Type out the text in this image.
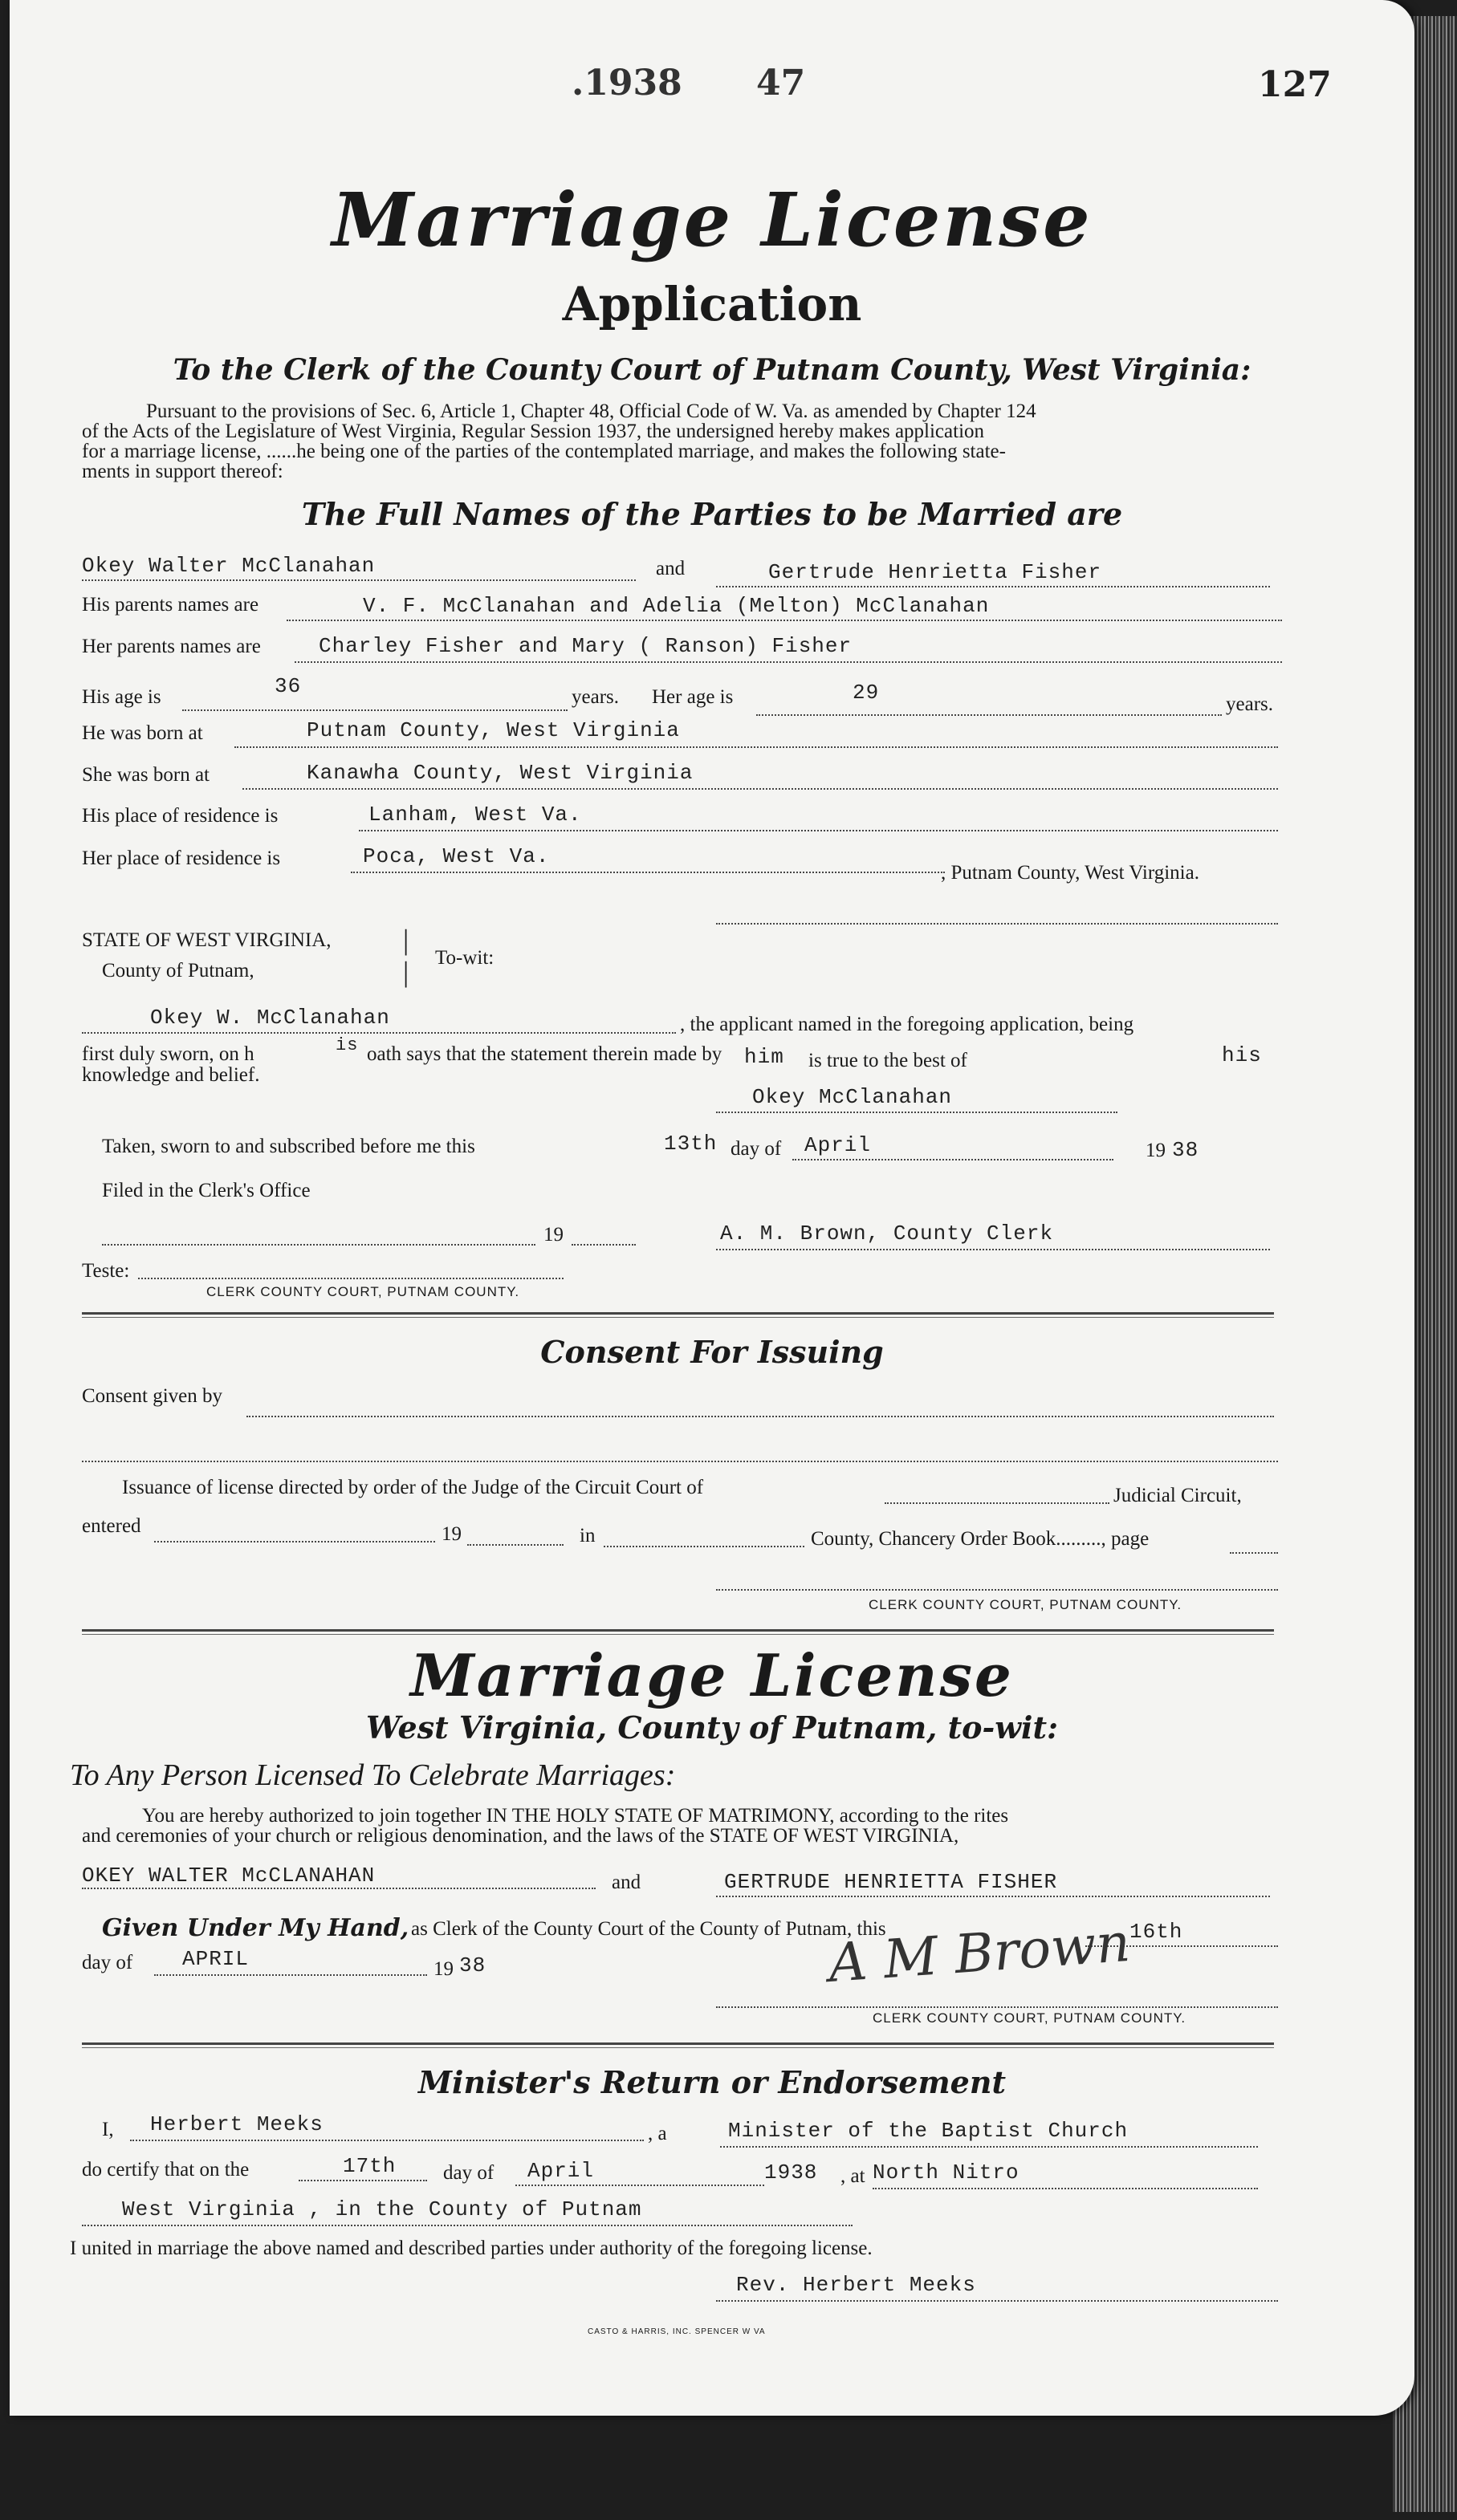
.1938 47	127
Marriage License
Application
To the Clerk of the County Court of Putnam County, West Virginia:
Pursuant to the provisions of Sec. 6, Article 1, Chapter 48, Official Code of W. Va. as amended by Chapter 124
of the Acts of the Legislature of West Virginia, Regular Session 1937, the undersigned hereby makes application
for a marriage license, ......he being one of the parties of the contemplated marriage, and makes the following state-
ments in support thereof:
The Full Names of the Parties to be Married are
Okey Walter McClanahan	and	Gertrude Henrietta Fisher
His parents names are	V. F. McClanahan and Adelia (Melton) McClanahan
Her parents names are	Charley Fisher and Mary ( Ranson) Fisher
His age is	36	years. Her age is	29	years.
He was born at	Putnam County, West Virginia
She was born at	Kanawha County, West Virginia
His place of residence is	Lanham, West Va.
Her place of residence is	Poca, West Va.
, Putnam County, West Virginia.
STATE OF WEST VIRGINIA,
County of Putnam,
|
| To-wit:
Okey W. McClanahan	, the applicant named in the foregoing application, being
first duly sworn, on h	is oath says that the statement therein made by him is true to the best of	his
knowledge and belief.
Okey McClanahan
Taken, sworn to and subscribed before me this	13th day of April	19 38
Filed in the Clerk's Office
19	A. M. Brown, County Clerk
Teste:
CLERK COUNTY COURT, PUTNAM COUNTY.
Consent For Issuing
Consent given by
Issuance of license directed by order of the Judge of the Circuit Court of	Judicial Circuit,
entered	19	in	County, Chancery Order Book........., page
CLERK COUNTY COURT, PUTNAM COUNTY.
Marriage License
West Virginia, County of Putnam, to-wit:
To Any Person Licensed To Celebrate Marriages:
You are hereby authorized to join together IN THE HOLY STATE OF MATRIMONY, according to the rites
and ceremonies of your church or religious denomination, and the laws of the STATE OF WEST VIRGINIA,
OKEY WALTER McCLANAHAN	and	GERTRUDE HENRIETTA FISHER
Given Under My Hand, as Clerk of the County Court of the County of Putnam, this	16th
day of APRIL	19 38	A M Brown
CLERK COUNTY COURT, PUTNAM COUNTY.
Minister's Return or Endorsement
I, Herbert Meeks	, a	Minister of the Baptist Church
do certify that on the	17th day of April	1938 , at North Nitro
West Virginia , in the County of Putnam
I united in marriage the above named and described parties under authority of the foregoing license.
Rev. Herbert Meeks
CASTO & HARRIS, INC. SPENCER W VA
